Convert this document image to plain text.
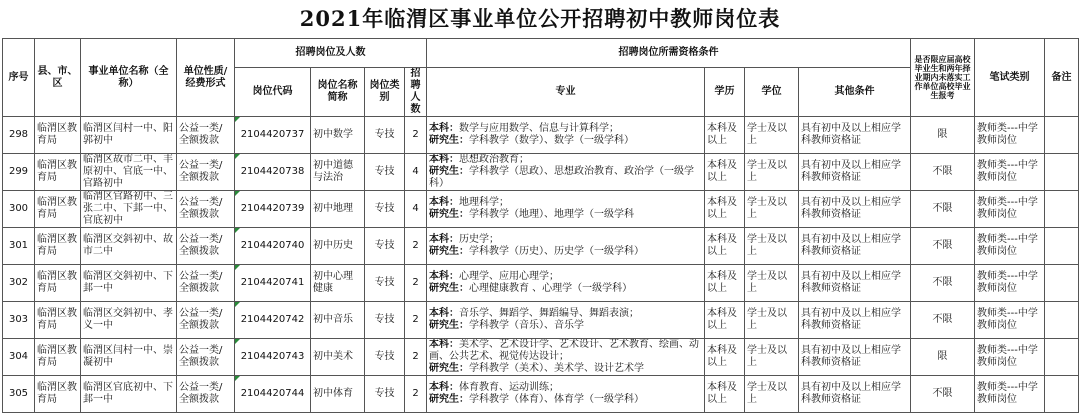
2021年临渭区事业单位公开招聘初中教师岗位表
序号	县、市、区	事业单位名称（全称）	单位性质/经费形式	招聘岗位及人数				招聘岗位所需资格条件				是否限应届高校毕业生和两年择业期内未落实工作单位高校毕业生报考	笔试类别	备注
				岗位代码	岗位名称简称	岗位类别	招聘人数	专业	学历	学位	其他条件			
298	临渭区教育局	临渭区闫村一中、阳郭初中	公益一类/全额拨款	2104420737	初中数学	专技	2	本科：数学与应用数学、信息与计算科学；
研究生：学科教学（数学）、数学（一级学科）	本科及以上	学士及以上	具有初中及以上相应学科教师资格证	限	教师类---中学教师岗位	
299	临渭区教育局	临渭区故市二中、丰原初中、官底一中、官路初中	公益一类/全额拨款	2104420738	初中道德与法治	专技	4	本科：思想政治教育；
研究生：学科教学（思政）、思想政治教育、政治学（一级学科）	本科及以上	学士及以上	具有初中及以上相应学科教师资格证	不限	教师类---中学教师岗位	
300	临渭区教育局	临渭区官路初中、三张二中、下邽一中、官底初中	公益一类/全额拨款	2104420739	初中地理	专技	4	本科：地理科学；
研究生：学科教学（地理）、地理学（一级学科	本科及以上	学士及以上	具有初中及以上相应学科教师资格证	不限	教师类---中学教师岗位	
301	临渭区教育局	临渭区交斜初中、故市二中	公益一类/全额拨款	2104420740	初中历史	专技	2	本科：历史学；
研究生：学科教学（历史）、历史学（一级学科）	本科及以上	学士及以上	具有初中及以上相应学科教师资格证	不限	教师类---中学教师岗位	
302	临渭区教育局	临渭区交斜初中、下邽一中	公益一类/全额拨款	2104420741	初中心理健康	专技	2	本科：心理学、应用心理学；
研究生：心理健康教育 、心理学（一级学科）	本科及以上	学士及以上	具有初中及以上相应学科教师资格证	不限	教师类---中学教师岗位	
303	临渭区教育局	临渭区交斜初中、孝义一中	公益一类/全额拨款	2104420742	初中音乐	专技	2	本科：音乐学、舞蹈学、舞蹈编导、舞蹈表演；
研究生：学科教学（音乐）、音乐学	本科及以上	学士及以上	具有初中及以上相应学科教师资格证	不限	教师类---中学教师岗位	
304	临渭区教育局	临渭区闫村一中、崇凝初中	公益一类/全额拨款	2104420743	初中美术	专技	2	本科：美术学、艺术设计学、艺术设计、艺术教育、绘画、动画、公共艺术、视觉传达设计；
研究生：学科教学（美术）、美术学、设计艺术学	本科及以上	学士及以上	具有初中及以上相应学科教师资格证	限	教师类---中学教师岗位	
305	临渭区教育局	临渭区官底初中、下邽一中	公益一类/全额拨款	2104420744	初中体育	专技	2	本科：体育教育、运动训练；
研究生：学科教学（体育）、体育学（一级学科）	本科及以上	学士及以上	具有初中及以上相应学科教师资格证	不限	教师类---中学教师岗位	
